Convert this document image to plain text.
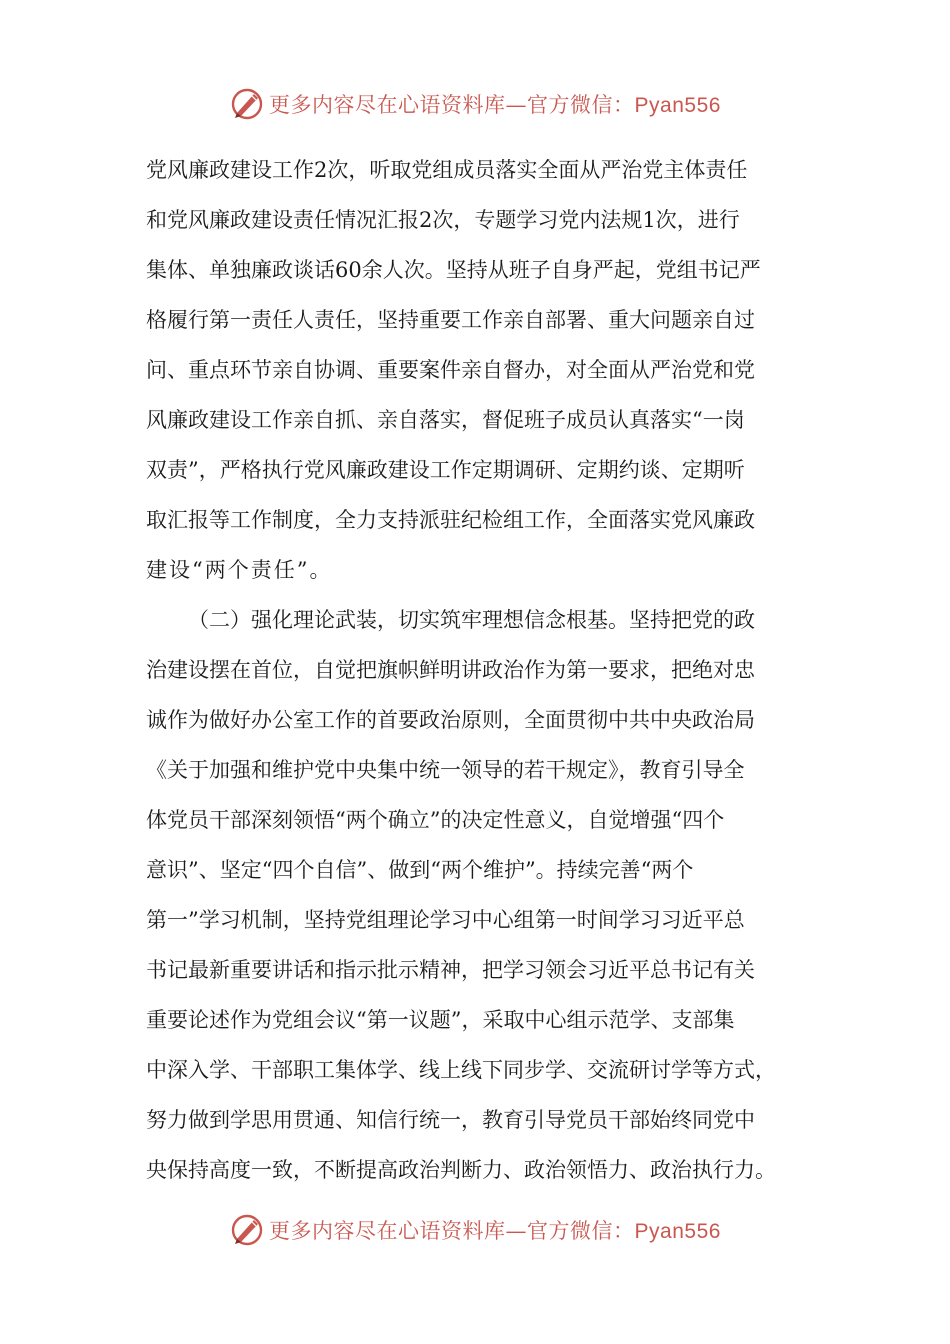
更多内容尽在心语资料库—官方微信：Pyan556
党风廉政建设工作2次，听取党组成员落实全面从严治党主体责任
和党风廉政建设责任情况汇报2次，专题学习党内法规1次，进行
集体、单独廉政谈话60余人次。坚持从班子自身严起，党组书记严
格履行第一责任人责任，坚持重要工作亲自部署、重大问题亲自过
问、重点环节亲自协调、重要案件亲自督办，对全面从严治党和党
风廉政建设工作亲自抓、亲自落实，督促班子成员认真落实“一岗
双责”，严格执行党风廉政建设工作定期调研、定期约谈、定期听
取汇报等工作制度，全力支持派驻纪检组工作，全面落实党风廉政
建设“两个责任”。
（二）强化理论武装，切实筑牢理想信念根基。坚持把党的政
治建设摆在首位，自觉把旗帜鲜明讲政治作为第一要求，把绝对忠
诚作为做好办公室工作的首要政治原则，全面贯彻中共中央政治局
《关于加强和维护党中央集中统一领导的若干规定》，教育引导全
体党员干部深刻领悟“两个确立”的决定性意义，自觉增强“四个
意识”、坚定“四个自信”、做到“两个维护”。持续完善“两个
第一”学习机制，坚持党组理论学习中心组第一时间学习习近平总
书记最新重要讲话和指示批示精神，把学习领会习近平总书记有关
重要论述作为党组会议“第一议题”，采取中心组示范学、支部集
中深入学、干部职工集体学、线上线下同步学、交流研讨学等方式，
努力做到学思用贯通、知信行统一，教育引导党员干部始终同党中
央保持高度一致，不断提高政治判断力、政治领悟力、政治执行力。
更多内容尽在心语资料库—官方微信：Pyan556
